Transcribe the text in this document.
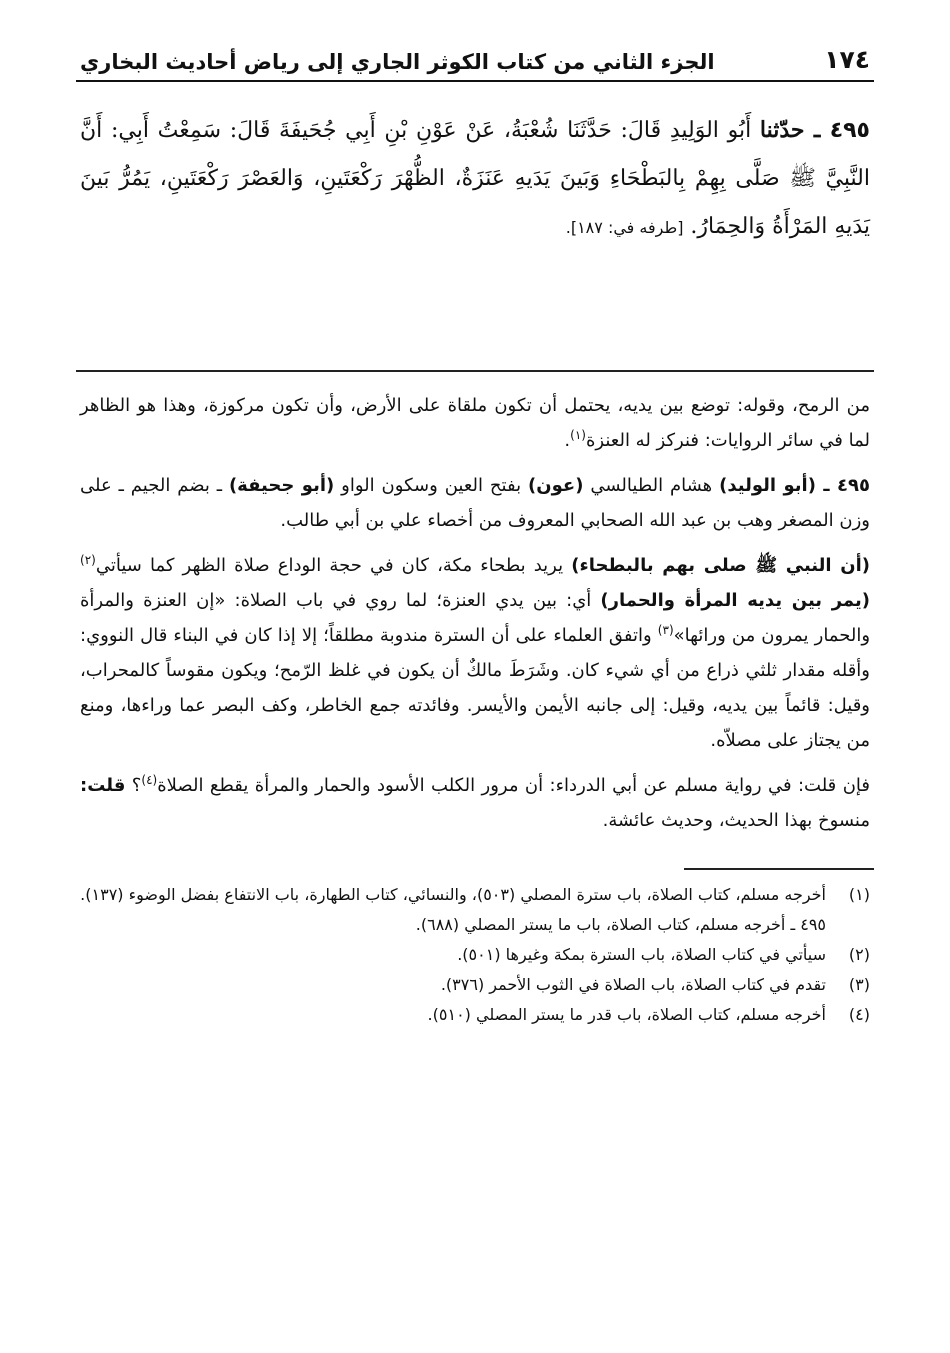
١٧٤
الجزء الثاني من كتاب الكوثر الجاري إلى رياض أحاديث البخاري
٤٩٥ ـ حدّثنا أَبُو الوَلِيدِ قَالَ: حَدَّثَنَا شُعْبَةُ، عَنْ عَوْنِ بْنِ أَبِي جُحَيفَةَ قَالَ: سَمِعْتُ أَبِي: أَنَّ النَّبِيَّ ﷺ صَلَّى بِهِمْ بِالبَطْحَاءِ وَبَينَ يَدَيهِ عَنَزَةٌ، الظُّهْرَ رَكْعَتَينِ، وَالعَصْرَ رَكْعَتَينِ، يَمُرُّ بَينَ يَدَيهِ المَرْأَةُ وَالحِمَارُ. [طرفه في: ١٨٧].

من الرمح، وقوله: توضع بين يديه، يحتمل أن تكون ملقاة على الأرض، وأن تكون مركوزة، وهذا هو الظاهر لما في سائر الروايات: فنركز له العنزة$^{(١)}$.

٤٩٥ ـ (أبو الوليد) هشام الطيالسي (عون) بفتح العين وسكون الواو (أبو جحيفة) ـ بضم الجيم ـ على وزن المصغر وهب بن عبد الله الصحابي المعروف من أخصاء علي بن أبي طالب.

(أن النبي ﷺ صلى بهم بالبطحاء) يريد بطحاء مكة، كان في حجة الوداع صلاة الظهر كما سيأتي$^{(٢)}$ (يمر بين يديه المرأة والحمار) أي: بين يدي العنزة؛ لما روي في باب الصلاة: «إن العنزة والمرأة والحمار يمرون من ورائها»$^{(٣)}$ واتفق العلماء على أن السترة مندوبة مطلقاً؛ إلا إذا كان في البناء قال النووي: وأقله مقدار ثلثي ذراع من أي شيء كان. وشَرَطَ مالكٌ أن يكون في غلظ الرّمح؛ ويكون مقوساً كالمحراب، وقيل: قائماً بين يديه، وقيل: إلى جانبه الأيمن والأيسر. وفائدته جمع الخاطر، وكف البصر عما وراءها، ومنع من يجتاز على مصلاّه.

فإن قلت: في رواية مسلم عن أبي الدرداء: أن مرور الكلب الأسود والحمار والمرأة يقطع الصلاة$^{(٤)}$؟ قلت: منسوخ بهذا الحديث، وحديث عائشة.

(١)
أخرجه مسلم، كتاب الصلاة، باب سترة المصلي (٥٠٣)، والنسائي، كتاب الطهارة، باب الانتفاع بفضل الوضوء (١٣٧).
٤٩٥ ـ أخرجه مسلم، كتاب الصلاة، باب ما يستر المصلي (٦٨٨).
(٢)
سيأتي في كتاب الصلاة، باب السترة بمكة وغيرها (٥٠١).
(٣)
تقدم في كتاب الصلاة، باب الصلاة في الثوب الأحمر (٣٧٦).
(٤)
أخرجه مسلم، كتاب الصلاة، باب قدر ما يستر المصلي (٥١٠).
